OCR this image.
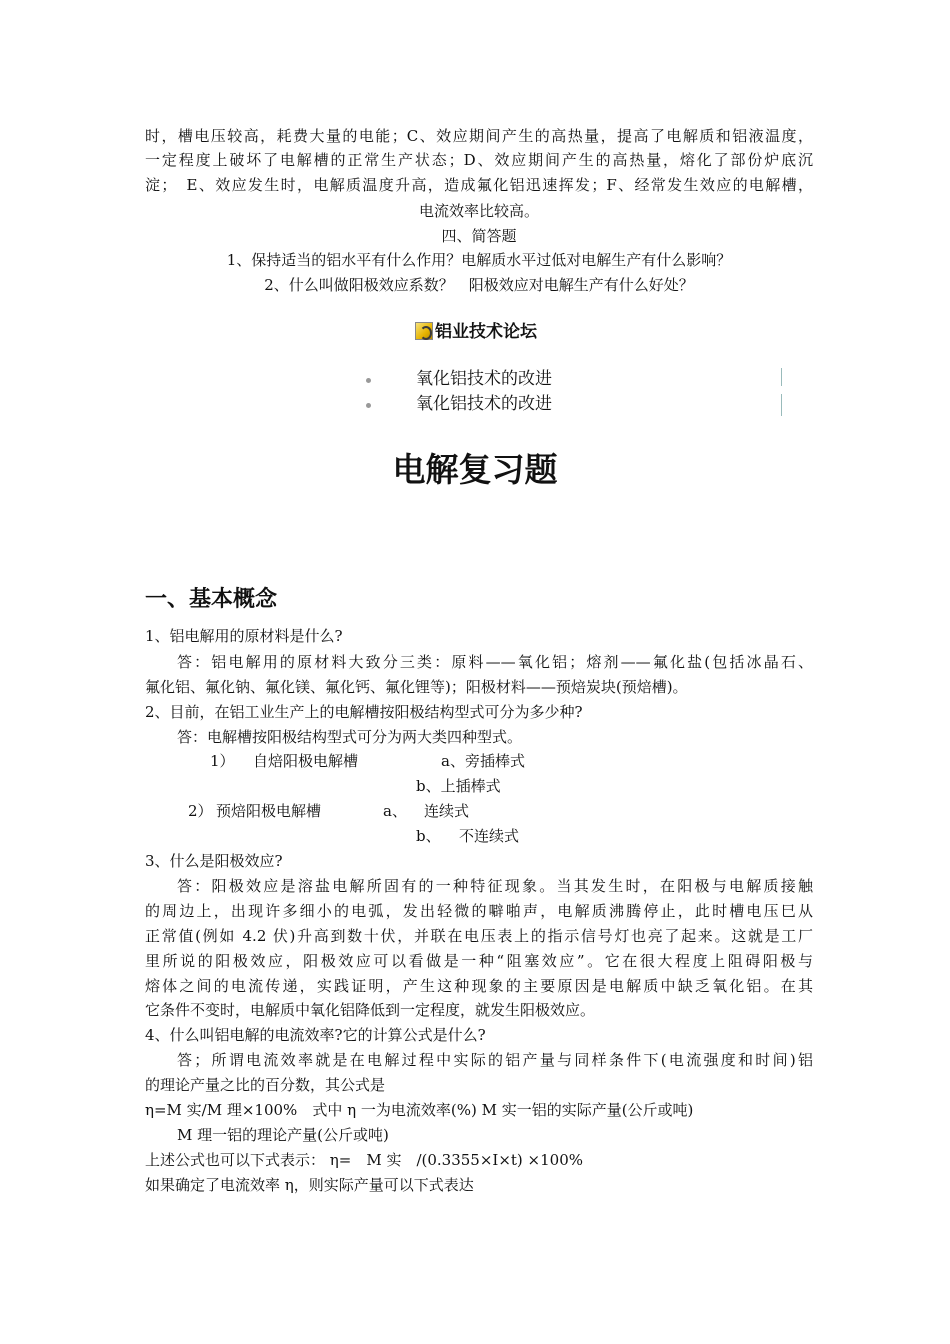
时，槽电压较高，耗费大量的电能；C、效应期间产生的高热量，提高了电解质和铝液温度，
一定程度上破坏了电解槽的正常生产状态；D、效应期间产生的高热量，熔化了部份炉底沉
淀；　E、效应发生时，电解质温度升高，造成氟化铝迅速挥发；F、经常发生效应的电解槽，
电流效率比较高。
四、简答题
1、保持适当的铝水平有什么作用？电解质水平过低对电解生产有什么影响？
2、什么叫做阳极效应系数？　阳极效应对电解生产有什么好处？
铝业技术论坛
氧化铝技术的改进
氧化铝技术的改进
电解复习题
一、基本概念
1、铝电解用的原材料是什么?
答：铝电解用的原材料大致分三类：原料——氧化铝；熔剂——氟化盐(包括冰晶石、
氟化铝、氟化钠、氟化镁、氟化钙、氟化锂等)；阳极材料——预焙炭块(预焙槽)。
2、目前，在铝工业生产上的电解槽按阳极结构型式可分为多少种?
答：电解槽按阳极结构型式可分为两大类四种型式。
1） 自焙阳极电解槽	a、旁插棒式
b、上插棒式
2） 预焙阳极电解槽	a、 连续式
b、 不连续式
3、什么是阳极效应?
答：阳极效应是溶盐电解所固有的一种特征现象。当其发生时，在阳极与电解质接触
的周边上，出现许多细小的电弧，发出轻微的噼啪声，电解质沸腾停止，此时槽电压巳从
正常值(例如 4.2 伏)升高到数十伏，并联在电压表上的指示信号灯也亮了起来。这就是工厂
里所说的阳极效应，阳极效应可以看做是一种“阻塞效应”。它在很大程度上阻碍阳极与
熔体之间的电流传递，实践证明，产生这种现象的主要原因是电解质中缺乏氧化铝。在其
它条件不变时，电解质中氧化铝降低到一定程度，就发生阳极效应。
4、什么叫铝电解的电流效率?它的计算公式是什么?
答；所谓电流效率就是在电解过程中实际的铝产量与同样条件下(电流强度和时间)铝
的理论产量之比的百分数，其公式是
η=M 实/M 理×100%　式中 η 一为电流效率(%) M 实一铝的实际产量(公斤或吨)
M 理一铝的理论产量(公斤或吨)
上述公式也可以下式表示： η=　M 实　/(0.3355×I×t) ×100%
如果确定了电流效率 η，则实际产量可以下式表达
